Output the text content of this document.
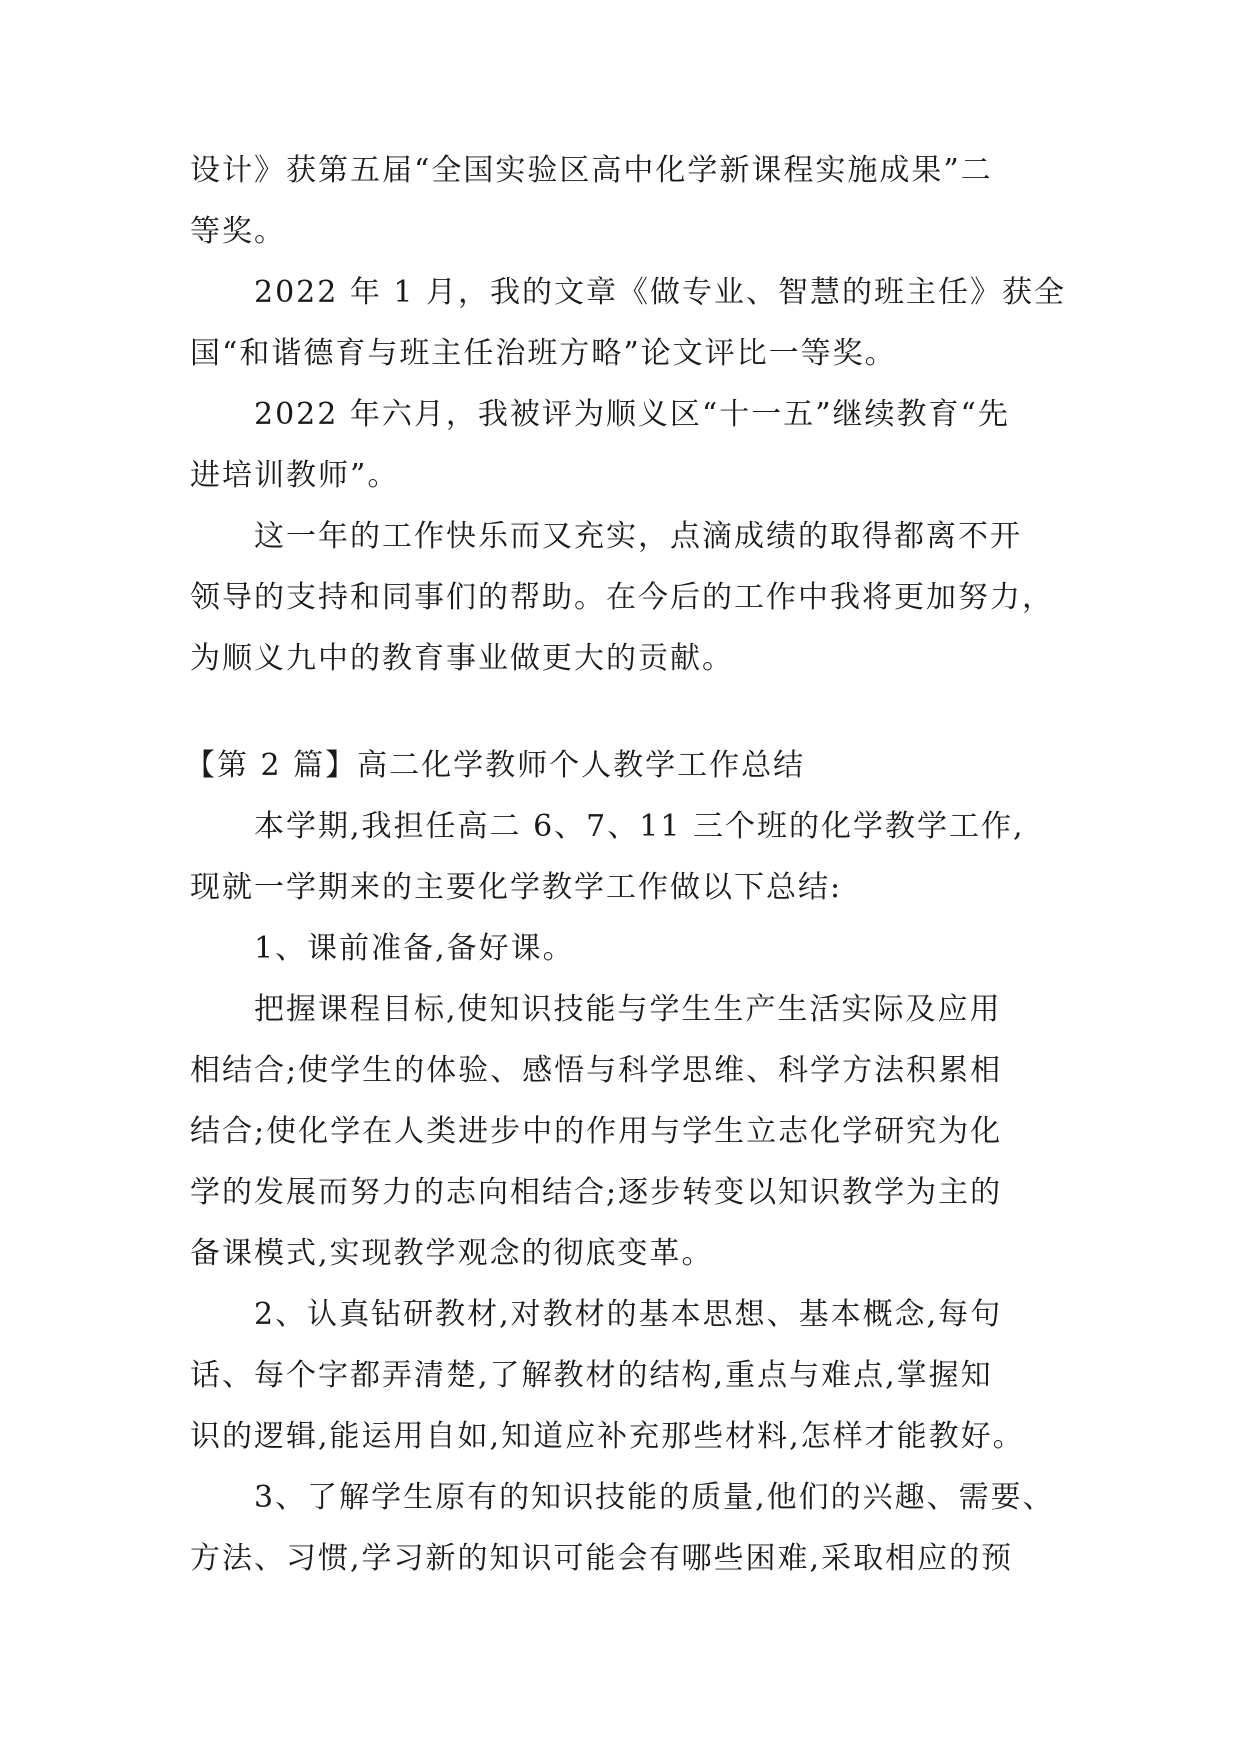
设计》获第五届“全国实验区高中化学新课程实施成果”二
等奖。
2022 年 1 月，我的文章《做专业、智慧的班主任》获全
国“和谐德育与班主任治班方略”论文评比一等奖。
2022 年六月，我被评为顺义区“十一五”继续教育“先
进培训教师”。
这一年的工作快乐而又充实，点滴成绩的取得都离不开
领导的支持和同事们的帮助。在今后的工作中我将更加努力，
为顺义九中的教育事业做更大的贡献。
【第 2 篇】高二化学教师个人教学工作总结
本学期,我担任高二 6、7、11 三个班的化学教学工作,
现就一学期来的主要化学教学工作做以下总结:
1、课前准备,备好课。
把握课程目标,使知识技能与学生生产生活实际及应用
相结合;使学生的体验、感悟与科学思维、科学方法积累相
结合;使化学在人类进步中的作用与学生立志化学研究为化
学的发展而努力的志向相结合;逐步转变以知识教学为主的
备课模式,实现教学观念的彻底变革。
2、认真钻研教材,对教材的基本思想、基本概念,每句
话、每个字都弄清楚,了解教材的结构,重点与难点,掌握知
识的逻辑,能运用自如,知道应补充那些材料,怎样才能教好。
3、了解学生原有的知识技能的质量,他们的兴趣、需要、
方法、习惯,学习新的知识可能会有哪些困难,采取相应的预
